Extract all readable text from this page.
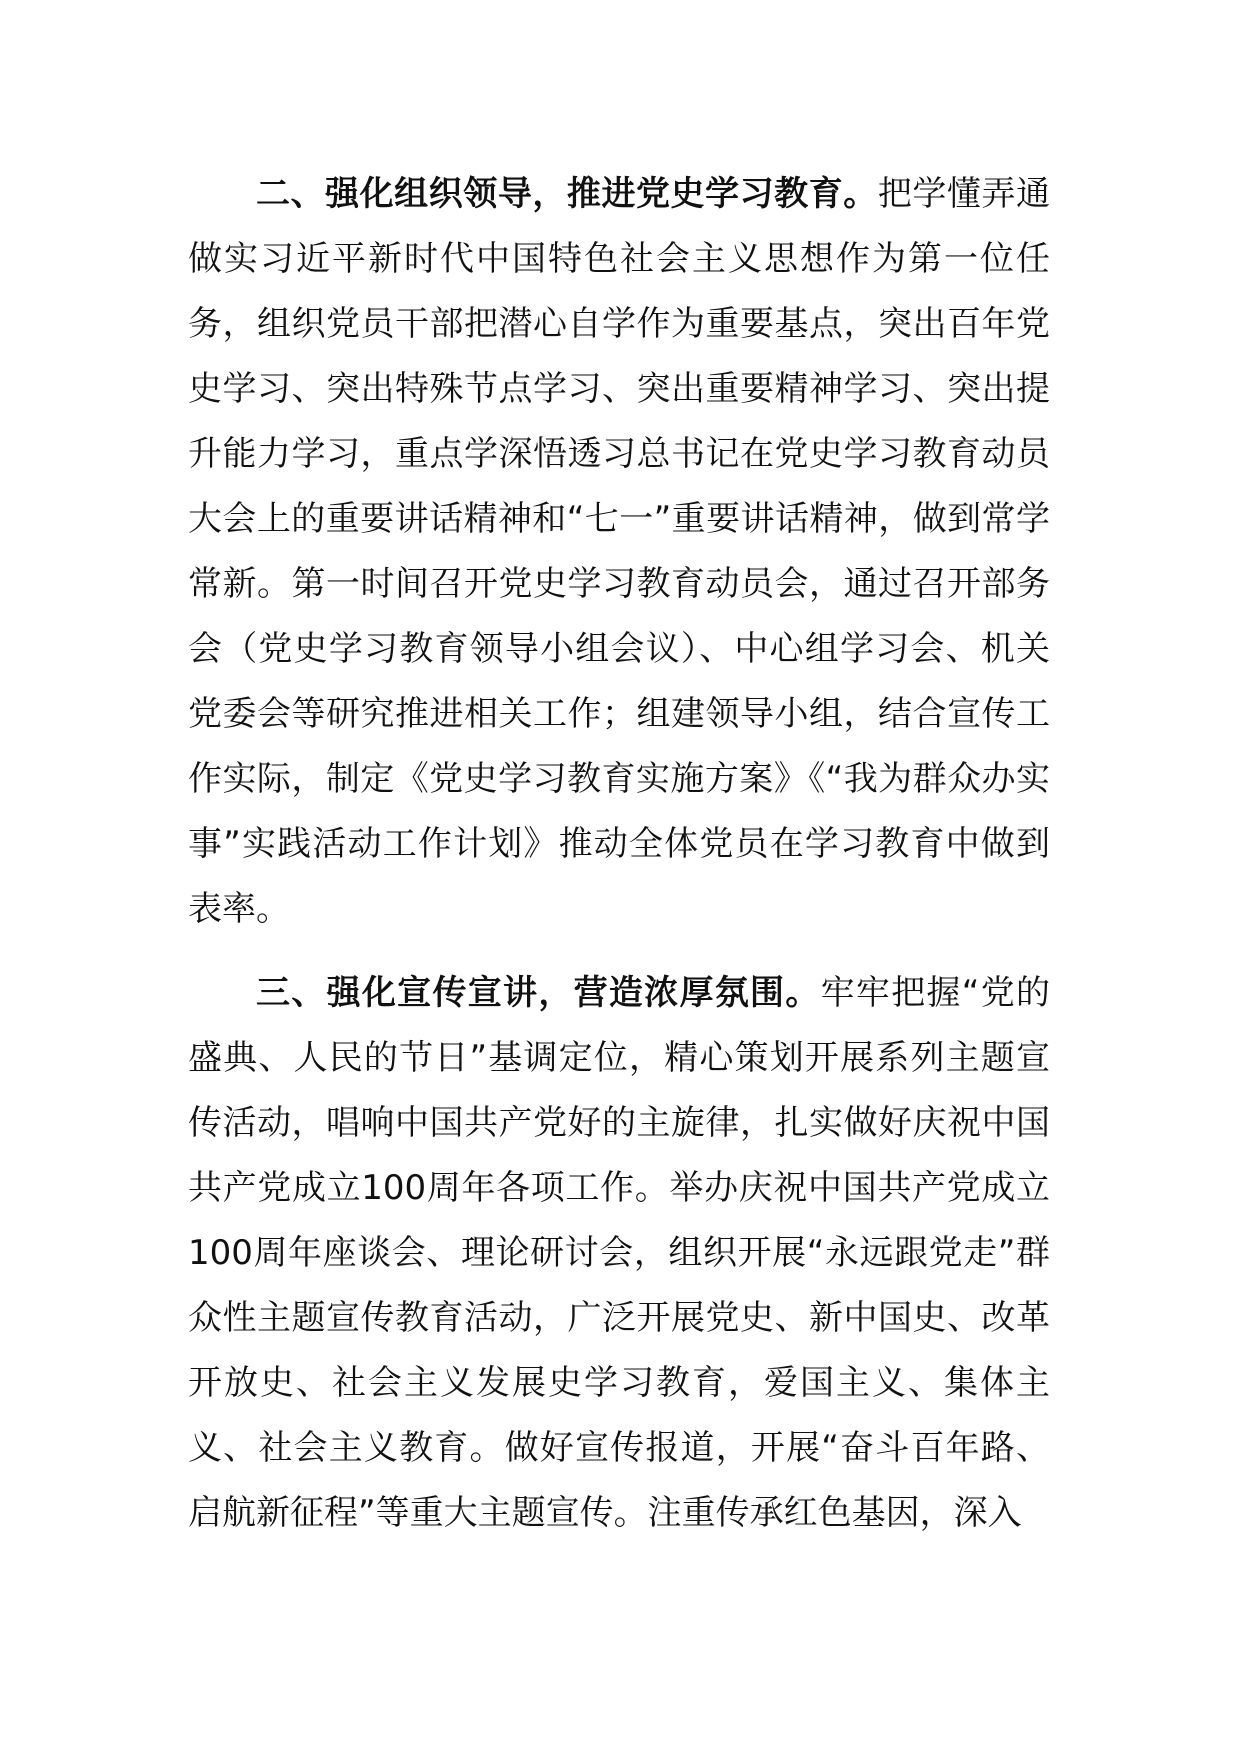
二、强化组织领导，推进党史学习教育。把学懂弄通做实习近平新时代中国特色社会主义思想作为第一位任务，组织党员干部把潜心自学作为重要基点，突出百年党史学习、突出特殊节点学习、突出重要精神学习、突出提升能力学习，重点学深悟透习总书记在党史学习教育动员大会上的重要讲话精神和“七一”重要讲话精神，做到常学常新。第一时间召开党史学习教育动员会，通过召开部务会（党史学习教育领导小组会议）、中心组学习会、机关党委会等研究推进相关工作；组建领导小组，结合宣传工作实际，制定《党史学习教育实施方案》《“我为群众办实事”实践活动工作计划》推动全体党员在学习教育中做到表率。

三、强化宣传宣讲，营造浓厚氛围。牢牢把握“党的盛典、人民的节日”基调定位，精心策划开展系列主题宣传活动，唱响中国共产党好的主旋律，扎实做好庆祝中国共产党成立100周年各项工作。举办庆祝中国共产党成立100周年座谈会、理论研讨会，组织开展“永远跟党走”群众性主题宣传教育活动，广泛开展党史、新中国史、改革开放史、社会主义发展史学习教育，爱国主义、集体主义、社会主义教育。做好宣传报道，开展“奋斗百年路、启航新征程”等重大主题宣传。注重传承红色基因，深入
